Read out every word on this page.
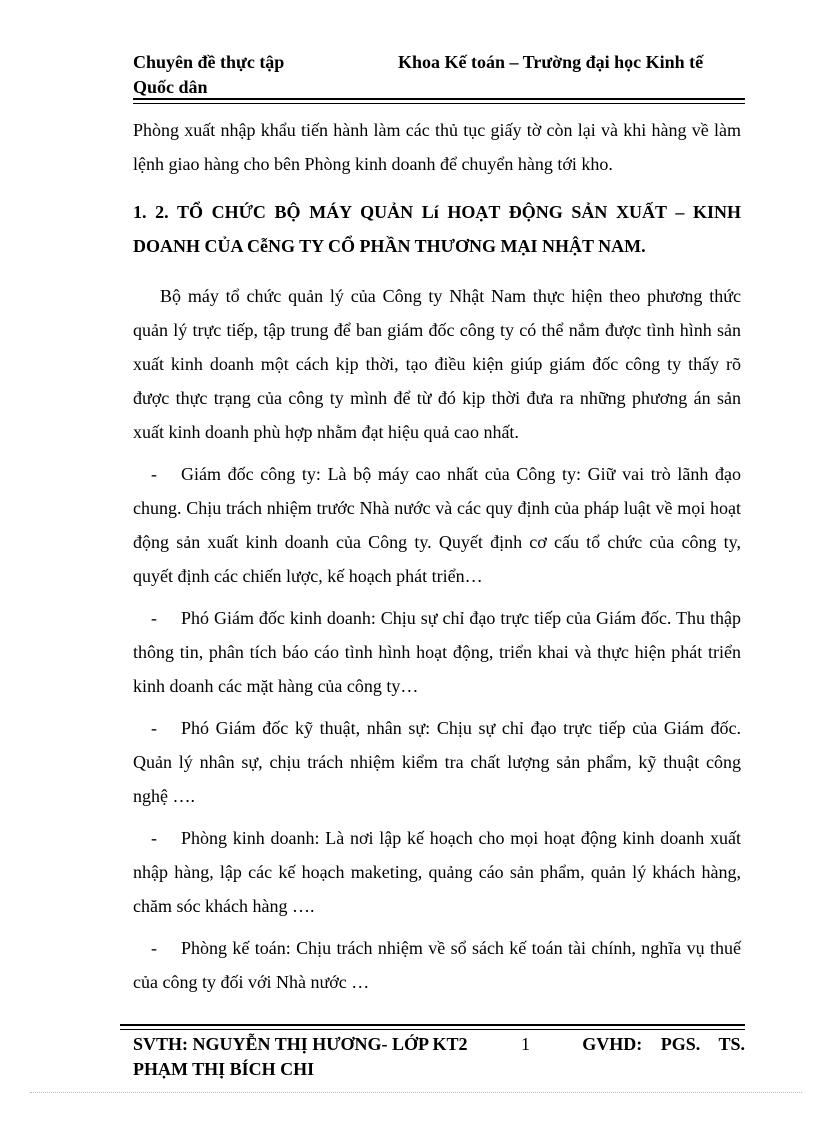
Chuyên đề thực tập	Khoa Kế toán – Trường đại học Kinh tế
Quốc dân

Phòng xuất nhập khẩu tiến hành làm các thủ tục giấy tờ còn lại và khi hàng về làm lệnh giao hàng cho bên Phòng kinh doanh để chuyển hàng tới kho.

1. 2. TỔ CHỨC BỘ MÁY QUẢN Lí HOẠT ĐỘNG SẢN XUẤT – KINH DOANH CỦA CễNG TY CỔ PHẦN THƯƠNG MẠI NHẬT NAM.

Bộ máy tổ chức quản lý của Công ty Nhật Nam thực hiện theo phương thức quản lý trực tiếp, tập trung để ban giám đốc công ty có thể nắm được tình hình sản xuất kinh doanh một cách kịp thời, tạo điều kiện giúp giám đốc công ty thấy rõ được thực trạng của công ty mình để từ đó kịp thời đưa ra những phương án sản xuất kinh doanh phù hợp nhằm đạt hiệu quả cao nhất.

- Giám đốc công ty: Là bộ máy cao nhất của Công ty: Giữ vai trò lãnh đạo chung. Chịu trách nhiệm trước Nhà nước và các quy định của pháp luật về mọi hoạt động sản xuất kinh doanh của Công ty. Quyết định cơ cấu tổ chức của công ty, quyết định các chiến lược, kế hoạch phát triển…

- Phó Giám đốc kinh doanh: Chịu sự chỉ đạo trực tiếp của Giám đốc. Thu thập thông tin, phân tích báo cáo tình hình hoạt động, triển khai và thực hiện phát triển kinh doanh các mặt hàng của công ty…

- Phó Giám đốc kỹ thuật, nhân sự: Chịu sự chỉ đạo trực tiếp của Giám đốc. Quản lý nhân sự, chịu trách nhiệm kiểm tra chất lượng sản phẩm, kỹ thuật công nghệ ….

- Phòng kinh doanh: Là nơi lập kế hoạch cho mọi hoạt động kinh doanh xuất nhập hàng, lập các kế hoạch maketing, quảng cáo sản phẩm, quản lý khách hàng, chăm sóc khách hàng ….

- Phòng kế toán: Chịu trách nhiệm về sổ sách kế toán tài chính, nghĩa vụ thuế của công ty đối với Nhà nước …

SVTH: NGUYỄN THỊ HƯƠNG- LỚP KT2	1	GVHD: PGS. TS.
PHẠM THỊ BÍCH CHI
